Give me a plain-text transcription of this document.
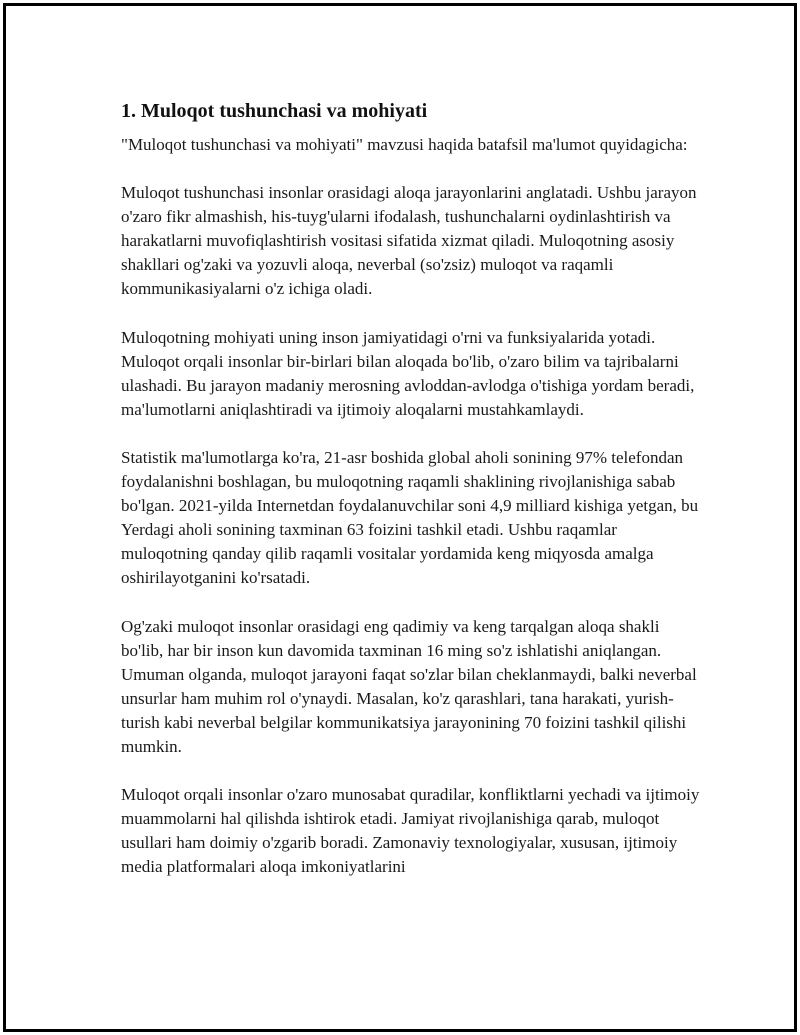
1. Muloqot tushunchasi va mohiyati

"Muloqot tushunchasi va mohiyati" mavzusi haqida batafsil ma'lumot quyidagicha:

Muloqot tushunchasi insonlar orasidagi aloqa jarayonlarini anglatadi. Ushbu jarayon o'zaro fikr almashish, his-tuyg'ularni ifodalash, tushunchalarni oydinlashtirish va harakatlarni muvofiqlashtirish vositasi sifatida xizmat qiladi. Muloqotning asosiy shakllari og'zaki va yozuvli aloqa, neverbal (so'zsiz) muloqot va raqamli kommunikasiyalarni o'z ichiga oladi.

Muloqotning mohiyati uning inson jamiyatidagi o'rni va funksiyalarida yotadi. Muloqot orqali insonlar bir-birlari bilan aloqada bo'lib, o'zaro bilim va tajribalarni ulashadi. Bu jarayon madaniy merosning avloddan-avlodga o'tishiga yordam beradi, ma'lumotlarni aniqlashtiradi va ijtimoiy aloqalarni mustahkamlaydi.

Statistik ma'lumotlarga ko'ra, 21-asr boshida global aholi sonining 97% telefondan foydalanishni boshlagan, bu muloqotning raqamli shaklining rivojlanishiga sabab bo'lgan. 2021-yilda Internetdan foydalanuvchilar soni 4,9 milliard kishiga yetgan, bu Yerdagi aholi sonining taxminan 63 foizini tashkil etadi. Ushbu raqamlar muloqotning qanday qilib raqamli vositalar yordamida keng miqyosda amalga oshirilayotganini ko'rsatadi.

Og'zaki muloqot insonlar orasidagi eng qadimiy va keng tarqalgan aloqa shakli bo'lib, har bir inson kun davomida taxminan 16 ming so'z ishlatishi aniqlangan. Umuman olganda, muloqot jarayoni faqat so'zlar bilan cheklanmaydi, balki neverbal unsurlar ham muhim rol o'ynaydi. Masalan, ko'z qarashlari, tana harakati, yurish-turish kabi neverbal belgilar kommunikatsiya jarayonining 70 foizini tashkil qilishi mumkin.

Muloqot orqali insonlar o'zaro munosabat quradilar, konfliktlarni yechadi va ijtimoiy muammolarni hal qilishda ishtirok etadi. Jamiyat rivojlanishiga qarab, muloqot usullari ham doimiy o'zgarib boradi. Zamonaviy texnologiyalar, xususan, ijtimoiy media platformalari aloqa imkoniyatlarini
